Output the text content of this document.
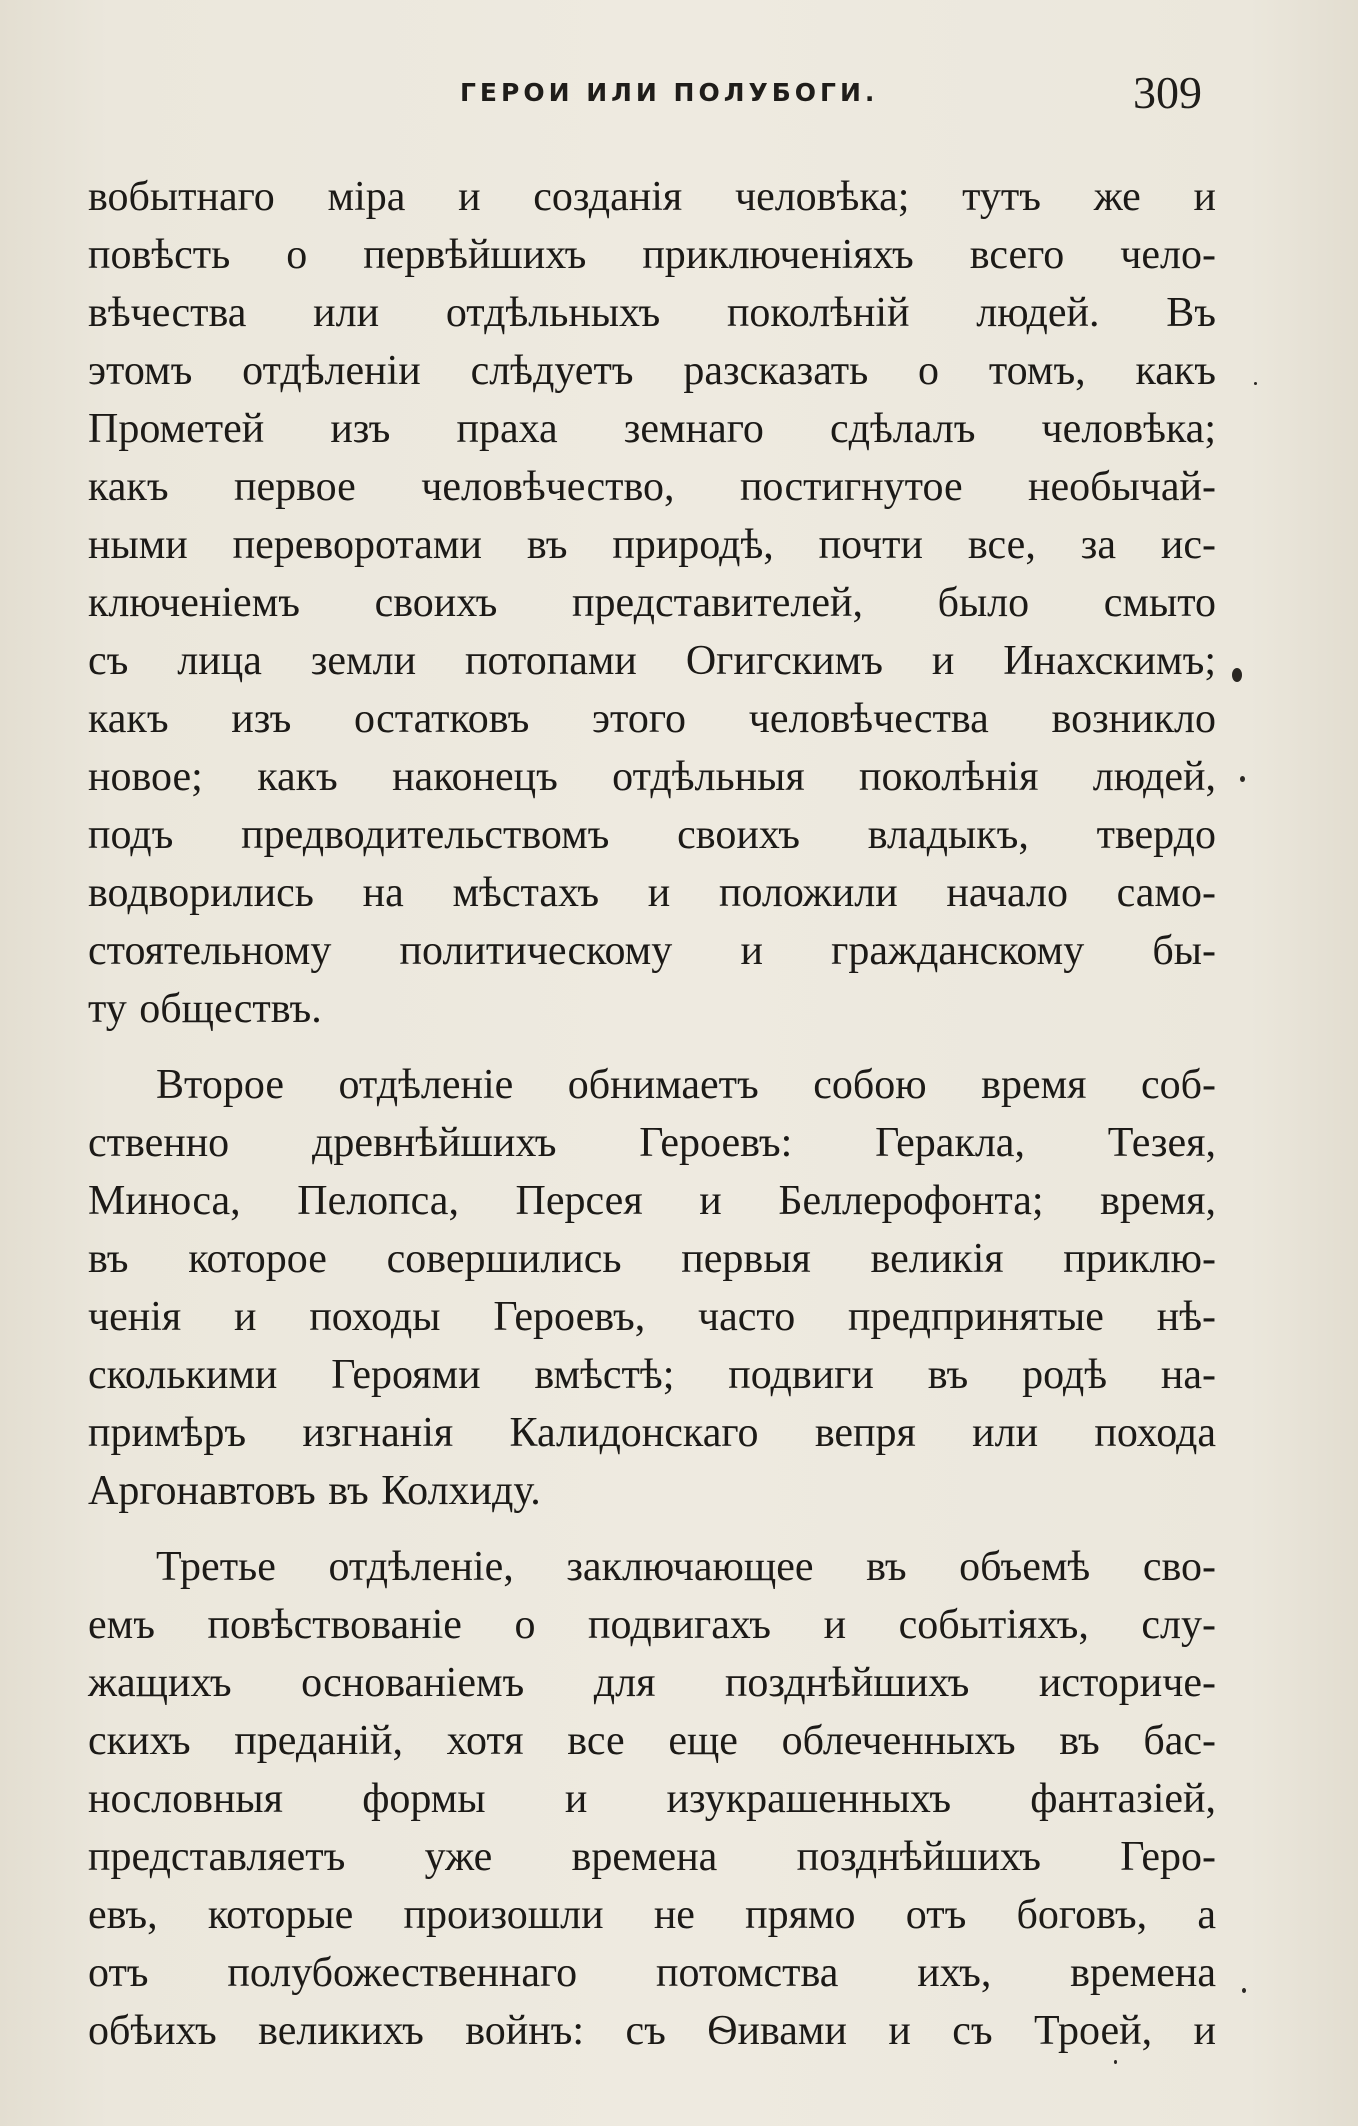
ГЕРОИ ИЛИ ПОЛУБОГИ.	309
вобытнаго міра и созданія человѣка; тутъ же и
повѣсть о первѣйшихъ приключеніяхъ всего чело-
вѣчества или отдѣльныхъ поколѣній людей. Въ
этомъ отдѣленіи слѣдуетъ разсказать о томъ, какъ
Прометей изъ праха земнаго сдѣлалъ человѣка;
какъ первое человѣчество, постигнутое необычай-
ными переворотами въ природѣ, почти все, за ис-
ключеніемъ своихъ представителей, было смыто
съ лица земли потопами Огигскимъ и Инахскимъ;
какъ изъ остатковъ этого человѣчества возникло
новое; какъ наконецъ отдѣльныя поколѣнія людей,
подъ предводительствомъ своихъ владыкъ, твердо
водворились на мѣстахъ и положили начало само-
стоятельному политическому и гражданскому бы-
ту обществъ.
Второе отдѣленіе обнимаетъ собою время соб-
ственно древнѣйшихъ Героевъ: Геракла, Тезея,
Миноса, Пелопса, Персея и Беллерофонта; время,
въ которое совершились первыя великія приклю-
ченія и походы Героевъ, часто предпринятые нѣ-
сколькими Героями вмѣстѣ; подвиги въ родѣ на-
примѣръ изгнанія Калидонскаго вепря или похода
Аргонавтовъ въ Колхиду.
Третье отдѣленіе, заключающее въ объемѣ сво-
емъ повѣствованіе о подвигахъ и событіяхъ, слу-
жащихъ основаніемъ для позднѣйшихъ историче-
скихъ преданій, хотя все еще облеченныхъ въ бас-
нословныя формы и изукрашенныхъ фантазіей,
представляетъ уже времена позднѣйшихъ Геро-
евъ, которые произошли не прямо отъ боговъ, а
отъ полубожественнаго потомства ихъ, времена
обѣихъ великихъ войнъ: съ Ѳивами и съ Троей, и
